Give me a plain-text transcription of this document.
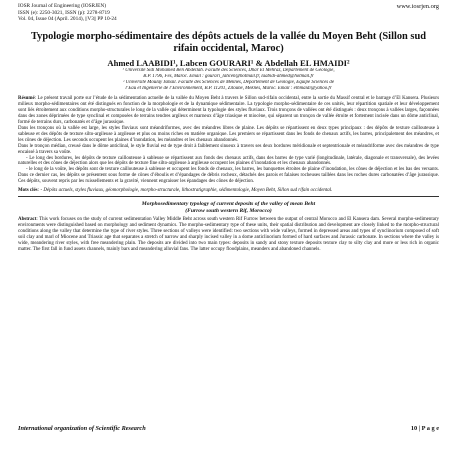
IOSR Journal of Engineering (IOSRJEN)
ISSN (e): 2250-3021, ISSN (p): 2278-8719
Vol. 04, Issue 04 (April. 2014), ||V3|| PP 10-24
www.iosrjen.org
Typologie morpho-sédimentaire des dépôts actuels de la vallée du Moyen Beht (Sillon sud rifain occidental, Maroc)
Ahmed LAABIDI¹, Labcen GOURARI¹ & Abdellah EL HMAIDI²
¹ Université Sidi Mohamed Ben Abdellah. Faculté des Sciences, Dhar El Mehraz, Département de Géologie,
B.P. 1796, Fès, Maroc. Email : gourari_lahcen@hotmail.fr, laabidi-ahmed@hotmail.fr
² Université Moulay Ismail. Faculté des Sciences de Meknès, Département de Géologie, Equipe Sciences de
l’Eau et Ingénierie de l’Environnement, B.P. 11201, Zitoune, Meknès, Maroc. Email : elhmaidi@yahoo.fr

Résumé: Le présent travail porte sur l’étude de la sédimentation actuelle de la vallée du Moyen Beht à travers le Sillon sud-rifain occidental, entre la sortie du Massif central et le barrage d’El Kansera. Plusieurs milieux morpho-sédimentaires ont été distingués en fonction de la morphologie et de la dynamique sédimentaire. La typologie morpho-sédimentaire de ces unités, leur répartition spatiale et leur développement sont liés étroitement aux conditions morpho-structurales le long de la vallée qui déterminent la typologie des styles fluviaux. Trois tronçons de vallées ont été distingués : deux tronçons à vallées larges, façonnées dans des zones déprimées de type synclinal et composées de terrains tendres argileux et marneux d’âge triasique et miocène, qui séparent un tronçon de vallée étroite et fortement incisée dans un dôme anticlinal, formé de terrains durs, carbonatés et d’âge jurassique.

Dans les tronçons où la vallée est large, les styles fluviaux sont méandriformes, avec des méandres libres de plaine. Les dépôts se répartissent en deux types principaux : des dépôts de texture caillouteuse à sableuse et des dépôts de texture silto-argileuse à argileuse et plus ou moins riches en matière organique. Les premiers se répartissent dans les fonds de chenaux actifs, les barres, principalement des méandres, et les cônes de déjection. Les seconds occupent les plaines d’inondation, les méandres et les chenaux abandonnés.

Dans le tronçon médian, creusé dans le dôme anticlinal, le style fluvial est de type droit à faiblement sinueux à travers ses deux bordures méridionale et septentrionale et méandriforme avec des méandres de type encaissé à travers sa voûte.

- Le long des bordures, les dépôts de texture caillouteuse à sableuse se répartissent aux fonds des chenaux actifs, dans des barres de type varié (longitudinale, latérale, diagonale et transversale), des levées naturelles et des cônes de déjection alors que les dépôts de texture fine silto-argileuse à argileuse occupent les plaines d’inondation et les chenaux abandonnés.

- le long de la voûte, les dépôts sont de texture caillouteuse à sableuse et occupent les fonds de chenaux, les barres, les banquettes étroites de plaine d’inondation, les cônes de déjection et les bas des versants. Dans ce dernier cas, les dépôts se présentent sous forme de cônes d’éboulis et d’épandages de débris rocheux, détachés des parois et falaises rocheuses taillées dans les roches dures carbonatées d’âge jurassique. Ces dépôts, souvent repris par les ruissellements et la gravité, viennent engraisser les épandages des cônes de déjection.

Mots clés: - Dépôts actuels, styles fluviaux, géomorphologie, morpho-structurale, lithostratigraphie, sédimentologie, Moyen Beht, Sillon sud rifain occidental.
Morphosedimentary typology of current deposits of the valley of mean Beht
(Furrow south western Rif, Morocco)
Abstract: This work focuses on the study of current sedimentation Valley Middle Beht across south western Rif Furrow between the output of central Morocco and El Kansera dam. Several morpho-sedimentary environments were distinguished based on morphology and sediment dynamics. The morpho-sedimentary type of these units, their spatial distribution and development are closely linked to the morpho-structural conditions along the valley that determine the type of river styles. Three sections of valleys were identified: two sections with wide valleys, formed in depressed areas and types of synclinorium composed of soft soil clay and marl of Miocene and Triassic age that separates a stretch of narrow and sharply incised valley in a dome anticlinorium formed of hard surfaces and Jurassic carbonate. In sections where the valley is wide, meandering river styles, with free meandering plain. The deposits are divided into two main types: deposits in sandy and stony texture deposits texture clay to silty clay and more or less rich in organic matter. The first fall in fund assets channels, mainly bars and meandering alluvial fans. The latter occupy floodplains, meanders and abandoned channels.
International organization of Scientific Research	10 | P a g e
